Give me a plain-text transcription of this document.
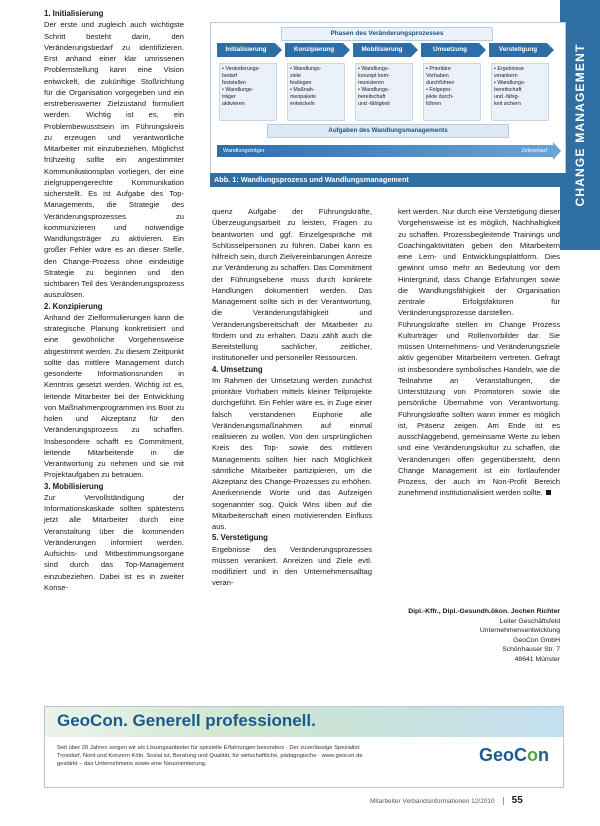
CHANGE MANAGEMENT
Phasen des Veränderungsprozesses
Initialisierung	Konzipierung	Mobilisierung	Umsetzung	Verstetigung
• Veränderungs-
bedarf
feststellen
• Wandlungs-
träger
aktivieren
• Wandlungs-
ziele
festlegen
• Maßnah-
menpakete
entwickeln
• Wandlungs-
konzept kom-
munizieren
• Wandlungs-
bereitschaft
und -fähigkeit
• Prioritäre
Vorhaben
durchführen
• Folgepro-
jekte durch-
führen
• Ergebnisse
verankern
• Wandlungs-
bereitschaft
und -fähig-
keit sichern
Aufgaben des Wandlungsmanagements
Wandlungsträger	Zeitverlauf
Abb. 1: Wandlungsprozess und Wandlungsmanagement
1. Initialisierung

Der erste und zugleich auch wichtigste Schritt besteht darin, den Veränderungsbedarf zu identifizieren. Erst anhand einer klar umrissenen Problemstellung kann eine Vision entwickelt, die zukünftige Stoßrichtung für die Organisation vorgegeben und ein erstrebenswerter Zielzustand formuliert werden. Wichtig ist es, ein Problembewusstsein im Führungskreis zu erzeugen und verantwortliche Mitarbeiter mit einzubeziehen. Möglichst frühzeitig sollte ein angestimmter Kommunikationsplan vorliegen, der eine zielgruppengerechte Kommunikation sicherstellt. Es ist Aufgabe des Top-Managements, die Strategie des Veränderungsprozesses zu kommunizieren und notwendige Wandlungsträger zu aktivieren. Ein großer Fehler wäre es an dieser Stelle, den Change-Prozess ohne eindeutige Strategie zu beginnen und den sichtbaren Teil des Veränderungsprozess auszulösen.

2. Konzipierung

Anhand der Zielformulierungen kann die strategische Planung konkretisiert und eine gewöhnliche Vorgehensweise abgestimmt werden. Zu diesem Zeitpunkt sollte das mittlere Management durch gesonderte Informationsrunden in Kenntnis gesetzt werden. Wichtig ist es, leitende Mitarbeiter bei der Entwicklung von Maßnahmenprogrammen ins Boot zu holen und Akzeptanz für den Veränderungsprozess zu schaffen. Insbesondere schafft es Commitment, leitende Mitarbeitende in die Verantwortung zu nehmen und sie mit Projektaufgaben zu betrauen.

3. Mobilisierung

Zur Vervollständigung der Informationskaskade sollten spätestens jetzt alle Mitarbeiter durch eine Veranstaltung über die kommenden Veränderungen informiert werden. Aufsichts- und Mitbestimmungsorgane sind durch das Top-Management einzubeziehen. Dabei ist es in zweiter Konse-

quenz Aufgabe der Führungskräfte, Überzeugungsarbeit zu leisten, Fragen zu beantworten und ggf. Einzelgespräche mit Schlüsselpersonen zu führen. Dabei kann es hilfreich sein, durch Zielvereinbarungen Anreize zur Veränderung zu schaffen. Das Commitment der Führungsebene muss durch konkrete Handlungen dokumentiert werden. Das Management sollte sich in der Verantwortung, die Veränderungsfähigkeit und Veränderungsbereitschaft der Mitarbeiter zu fördern und zu erhalten. Dazu zählt auch die Bereitstellung sachlicher, zeitlicher, institutioneller und personeller Ressourcen.

4. Umsetzung

Im Rahmen der Umsetzung werden zunächst prioritäre Vorhaben mittels kleiner Teilprojekte durchgeführt. Ein Fehler wäre es, in Zuge einer falsch verstandenen Euphorie alle Veränderungsmaßnahmen auf einmal realisieren zu wollen. Von den ursprünglichen Kreis des Top- sowie des mittleren Managements sollten hier nach Möglichkeit sämtliche Mitarbeiter partizipieren, um die Akzeptanz des Change-Prozesses zu erhöhen. Anerkennende Worte und das Aufzeigen sogenannter sog. Quick Wins üben auf die Mitarbeiterschaft einen motivierenden Einfluss aus.

5. Verstetigung

Ergebnisse des Veränderungsprozesses müssen verankert. Anreizen und Ziele evtl. modifiziert und in den Unternehmensalltag veran-

kert werden. Nur durch eine Verstetigung dieser Vorgehensweise ist es möglich, Nachhaltigkeit zu schaffen. Prozessbegleitende Trainings und Coachingaktivitäten geben den Mitarbeitern eine Lern- und Entwicklungsplattform. Dies gewinnt umso mehr an Bedeutung vor dem Hintergrund, dass Change Erfahrungen sowie die Wandlungsfähigkeit der Organisation zentrale Erfolgsfaktoren für Veränderungsprozesse darstellen.

Führungskräfte stellen im Change Prozess Kulturträger und Rollenvorbilder dar. Sie müssen Unternehmens- und Veränderungsziele aktiv gegenüber Mitarbeitern vertreten. Gefragt ist insbesondere symbolisches Handeln, wie die Teilnahme an Veranstaltungen, die Unterstützung von Promotoren sowie die persönliche Übernahme von Verantwortung. Führungskräfte sollten wann immer es möglich ist, Präsenz zeigen. Am Ende ist es ausschlaggebend, gemeinsame Werte zu leben und eine Veränderungskultur zu schaffen, die Veränderungen offen gegenübersteht, denn Change Management ist ein fortlaufender Prozess, der auch im Non-Profit Bereich zunehmend institutionalisiert werden sollte.

Dipl.-Kffr., Dipl.-Gesundh.ökon. Jochen Richter
Leiter Geschäftsfeld
Unternehmensentwicklung
GeoCon GmbH
Schönhauser Str. 7
48641 Münster
GeoCon. Generell professionell.
Seit über 20 Jahren sorgen wir als Lösungsanbieter für spezielle Erfahrungen besonders · Der zuverlässige Spezialist:
Troisdorf, Nord und Konzern Köln. Sozial ist, Beratung und Qualität, für wirtschaftliche, pädagogische · www.geocon.de
gestärkt – das Unternehmens sowie eine Neuorientierung.	GeoCon
Mitarbeiter Verbandsinformationen 12/2010 55
